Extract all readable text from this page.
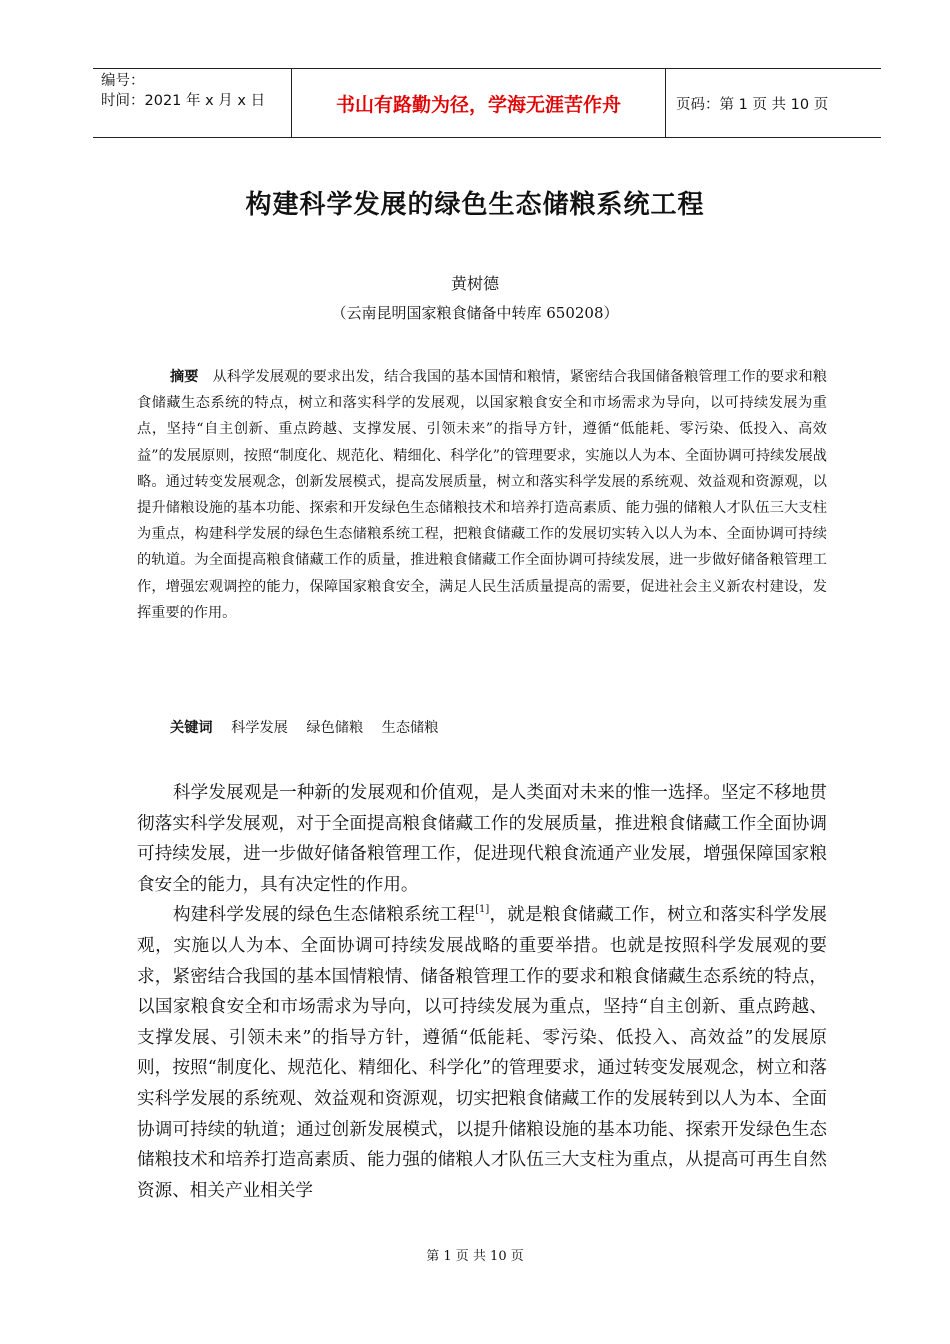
编号：
时间：2021 年 x 月 x 日	书山有路勤为径，学海无涯苦作舟	页码：第 1 页 共 10 页
构建科学发展的绿色生态储粮系统工程
黄树德
（云南昆明国家粮食储备中转库 650208）
摘要 从科学发展观的要求出发，结合我国的基本国情和粮情，紧密结合我国储备粮管理工作的要求和粮食储藏生态系统的特点，树立和落实科学的发展观，以国家粮食安全和市场需求为导向，以可持续发展为重点，坚持“自主创新、重点跨越、支撑发展、引领未来”的指导方针，遵循“低能耗、零污染、低投入、高效益”的发展原则，按照“制度化、规范化、精细化、科学化”的管理要求，实施以人为本、全面协调可持续发展战略。通过转变发展观念，创新发展模式，提高发展质量，树立和落实科学发展的系统观、效益观和资源观，以提升储粮设施的基本功能、探索和开发绿色生态储粮技术和培养打造高素质、能力强的储粮人才队伍三大支柱为重点，构建科学发展的绿色生态储粮系统工程，把粮食储藏工作的发展切实转入以人为本、全面协调可持续的轨道。为全面提高粮食储藏工作的质量，推进粮食储藏工作全面协调可持续发展，进一步做好储备粮管理工作，增强宏观调控的能力，保障国家粮食安全，满足人民生活质量提高的需要，促进社会主义新农村建设，发挥重要的作用。
关键词 科学发展 绿色储粮 生态储粮

科学发展观是一种新的发展观和价值观，是人类面对未来的惟一选择。坚定不移地贯彻落实科学发展观，对于全面提高粮食储藏工作的发展质量，推进粮食储藏工作全面协调可持续发展，进一步做好储备粮管理工作，促进现代粮食流通产业发展，增强保障国家粮食安全的能力，具有决定性的作用。

构建科学发展的绿色生态储粮系统工程[1]，就是粮食储藏工作，树立和落实科学发展观，实施以人为本、全面协调可持续发展战略的重要举措。也就是按照科学发展观的要求，紧密结合我国的基本国情粮情、储备粮管理工作的要求和粮食储藏生态系统的特点，以国家粮食安全和市场需求为导向，以可持续发展为重点，坚持“自主创新、重点跨越、支撑发展、引领未来”的指导方针，遵循“低能耗、零污染、低投入、高效益”的发展原则，按照“制度化、规范化、精细化、科学化”的管理要求，通过转变发展观念，树立和落实科学发展的系统观、效益观和资源观，切实把粮食储藏工作的发展转到以人为本、全面协调可持续的轨道；通过创新发展模式，以提升储粮设施的基本功能、探索开发绿色生态储粮技术和培养打造高素质、能力强的储粮人才队伍三大支柱为重点，从提高可再生自然资源、相关产业相关学

第 1 页 共 10 页
